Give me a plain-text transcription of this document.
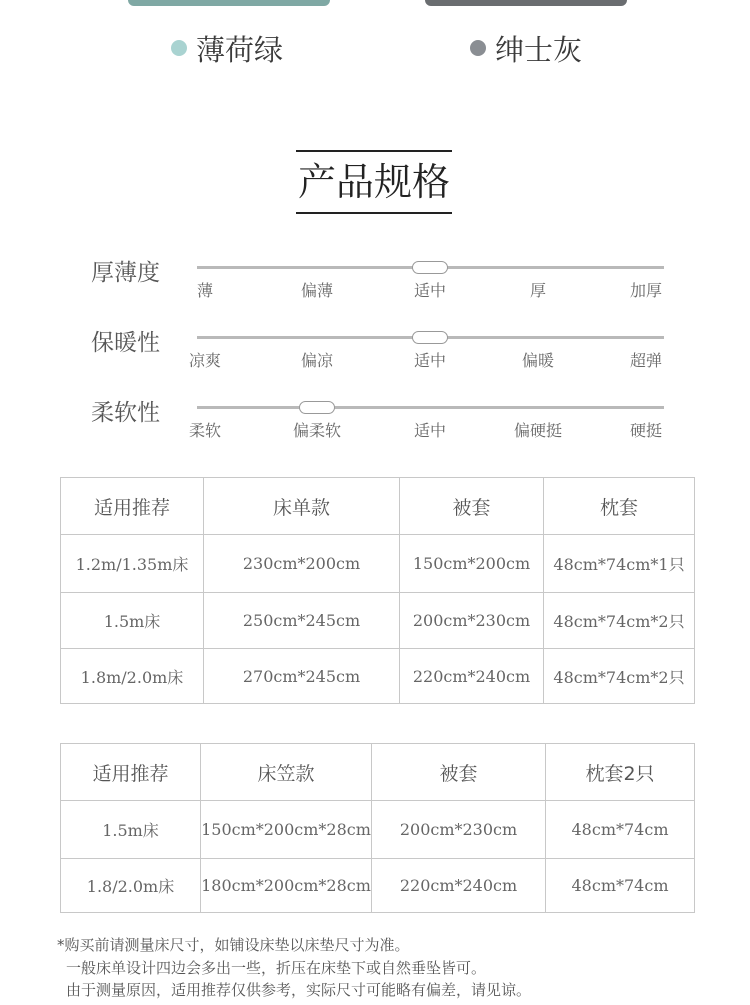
薄荷绿	绅士灰
产品规格
厚薄度
薄	偏薄	适中	厚	加厚
保暖性
凉爽	偏凉	适中	偏暖	超弹
柔软性
柔软	偏柔软	适中	偏硬挺	硬挺
适用推荐	床单款	被套	枕套
1.2m/1.35m床	230cm*200cm	150cm*200cm	48cm*74cm*1只
1.5m床	250cm*245cm	200cm*230cm	48cm*74cm*2只
1.8m/2.0m床	270cm*245cm	220cm*240cm	48cm*74cm*2只
适用推荐	床笠款	被套	枕套2只
1.5m床	150cm*200cm*28cm	200cm*230cm	48cm*74cm
1.8/2.0m床	180cm*200cm*28cm	220cm*240cm	48cm*74cm
*购买前请测量床尺寸，如铺设床垫以床垫尺寸为准。
一般床单设计四边会多出一些，折压在床垫下或自然垂坠皆可。
由于测量原因，适用推荐仅供参考，实际尺寸可能略有偏差，请见谅。
